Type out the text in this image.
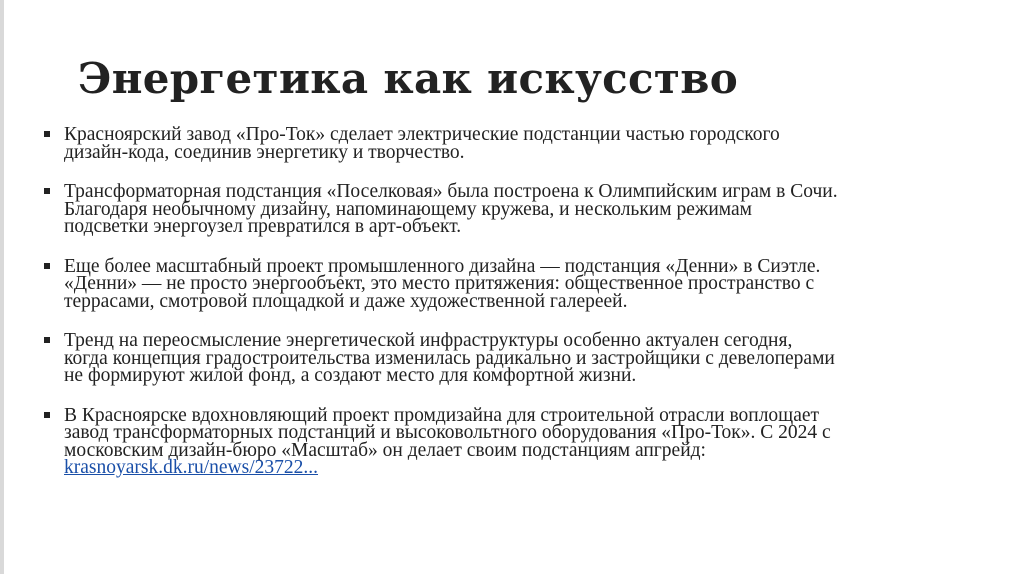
Энергетика как искусство
Красноярский завод «Про-Ток» сделает электрические подстанции частью городского
дизайн-кода, соединив энергетику и творчество.
Трансформаторная подстанция «Поселковая» была построена к Олимпийским играм в Сочи.
Благодаря необычному дизайну, напоминающему кружева, и нескольким режимам
подсветки энергоузел превратился в арт-объект.
Еще более масштабный проект промышленного дизайна — подстанция «Денни» в Сиэтле.
«Денни» — не просто энергообъект, это место притяжения: общественное пространство с
террасами, смотровой площадкой и даже художественной галереей.
Тренд на переосмысление энергетической инфраструктуры особенно актуален сегодня,
когда концепция градостроительства изменилась радикально и застройщики с девелоперами
не формируют жилой фонд, а создают место для комфортной жизни.
В Красноярске вдохновляющий проект промдизайна для строительной отрасли воплощает
завод трансформаторных подстанций и высоковольтного оборудования «Про-Ток». С 2024 с
московским дизайн-бюро «Масштаб» он делает своим подстанциям апгрейд:
krasnoyarsk.dk.ru/news/23722...
